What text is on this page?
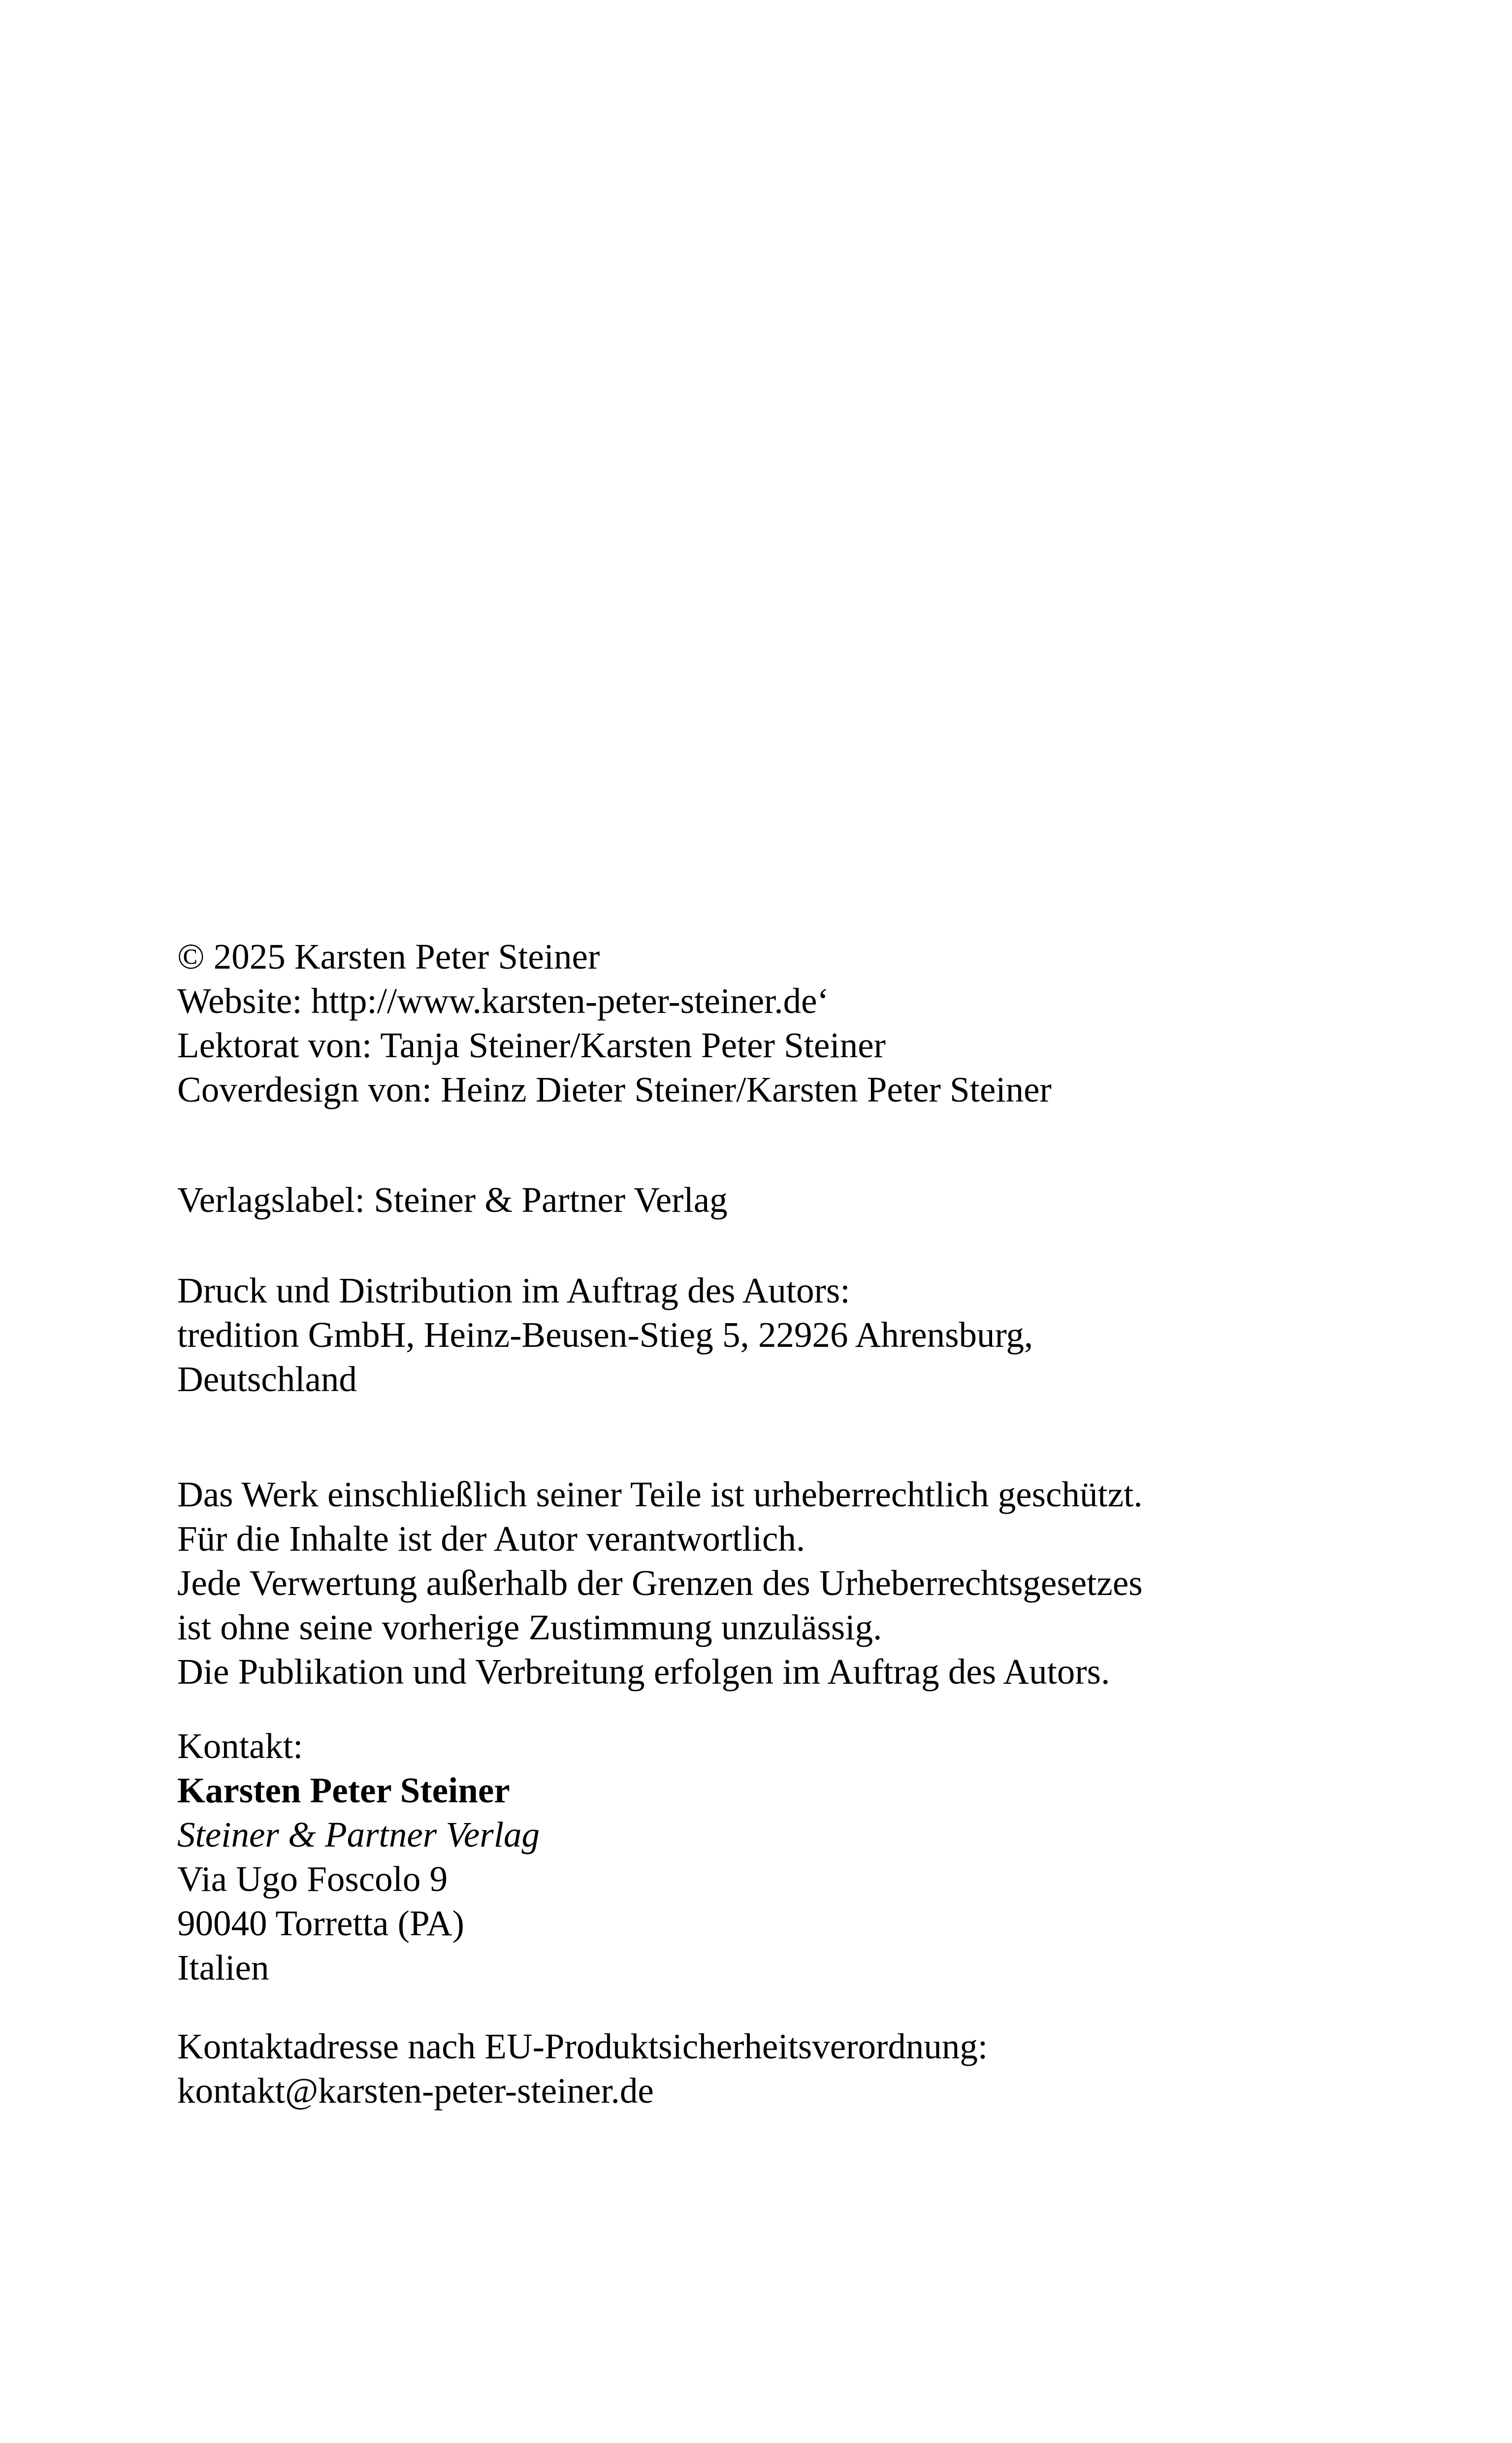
© 2025 Karsten Peter Steiner
Website: http://www.karsten-peter-steiner.de‘
Lektorat von: Tanja Steiner/Karsten Peter Steiner
Coverdesign von: Heinz Dieter Steiner/Karsten Peter Steiner
Verlagslabel: Steiner & Partner Verlag
Druck und Distribution im Auftrag des Autors:
tredition GmbH, Heinz-Beusen-Stieg 5, 22926 Ahrensburg,
Deutschland
Das Werk einschließlich seiner Teile ist urheberrechtlich geschützt.
Für die Inhalte ist der Autor verantwortlich.
Jede Verwertung außerhalb der Grenzen des Urheberrechtsgesetzes
ist ohne seine vorherige Zustimmung unzulässig.
Die Publikation und Verbreitung erfolgen im Auftrag des Autors.
Kontakt:
Karsten Peter Steiner
Steiner & Partner Verlag
Via Ugo Foscolo 9
90040 Torretta (PA)
Italien
Kontaktadresse nach EU-Produktsicherheitsverordnung:
kontakt@karsten-peter-steiner.de
